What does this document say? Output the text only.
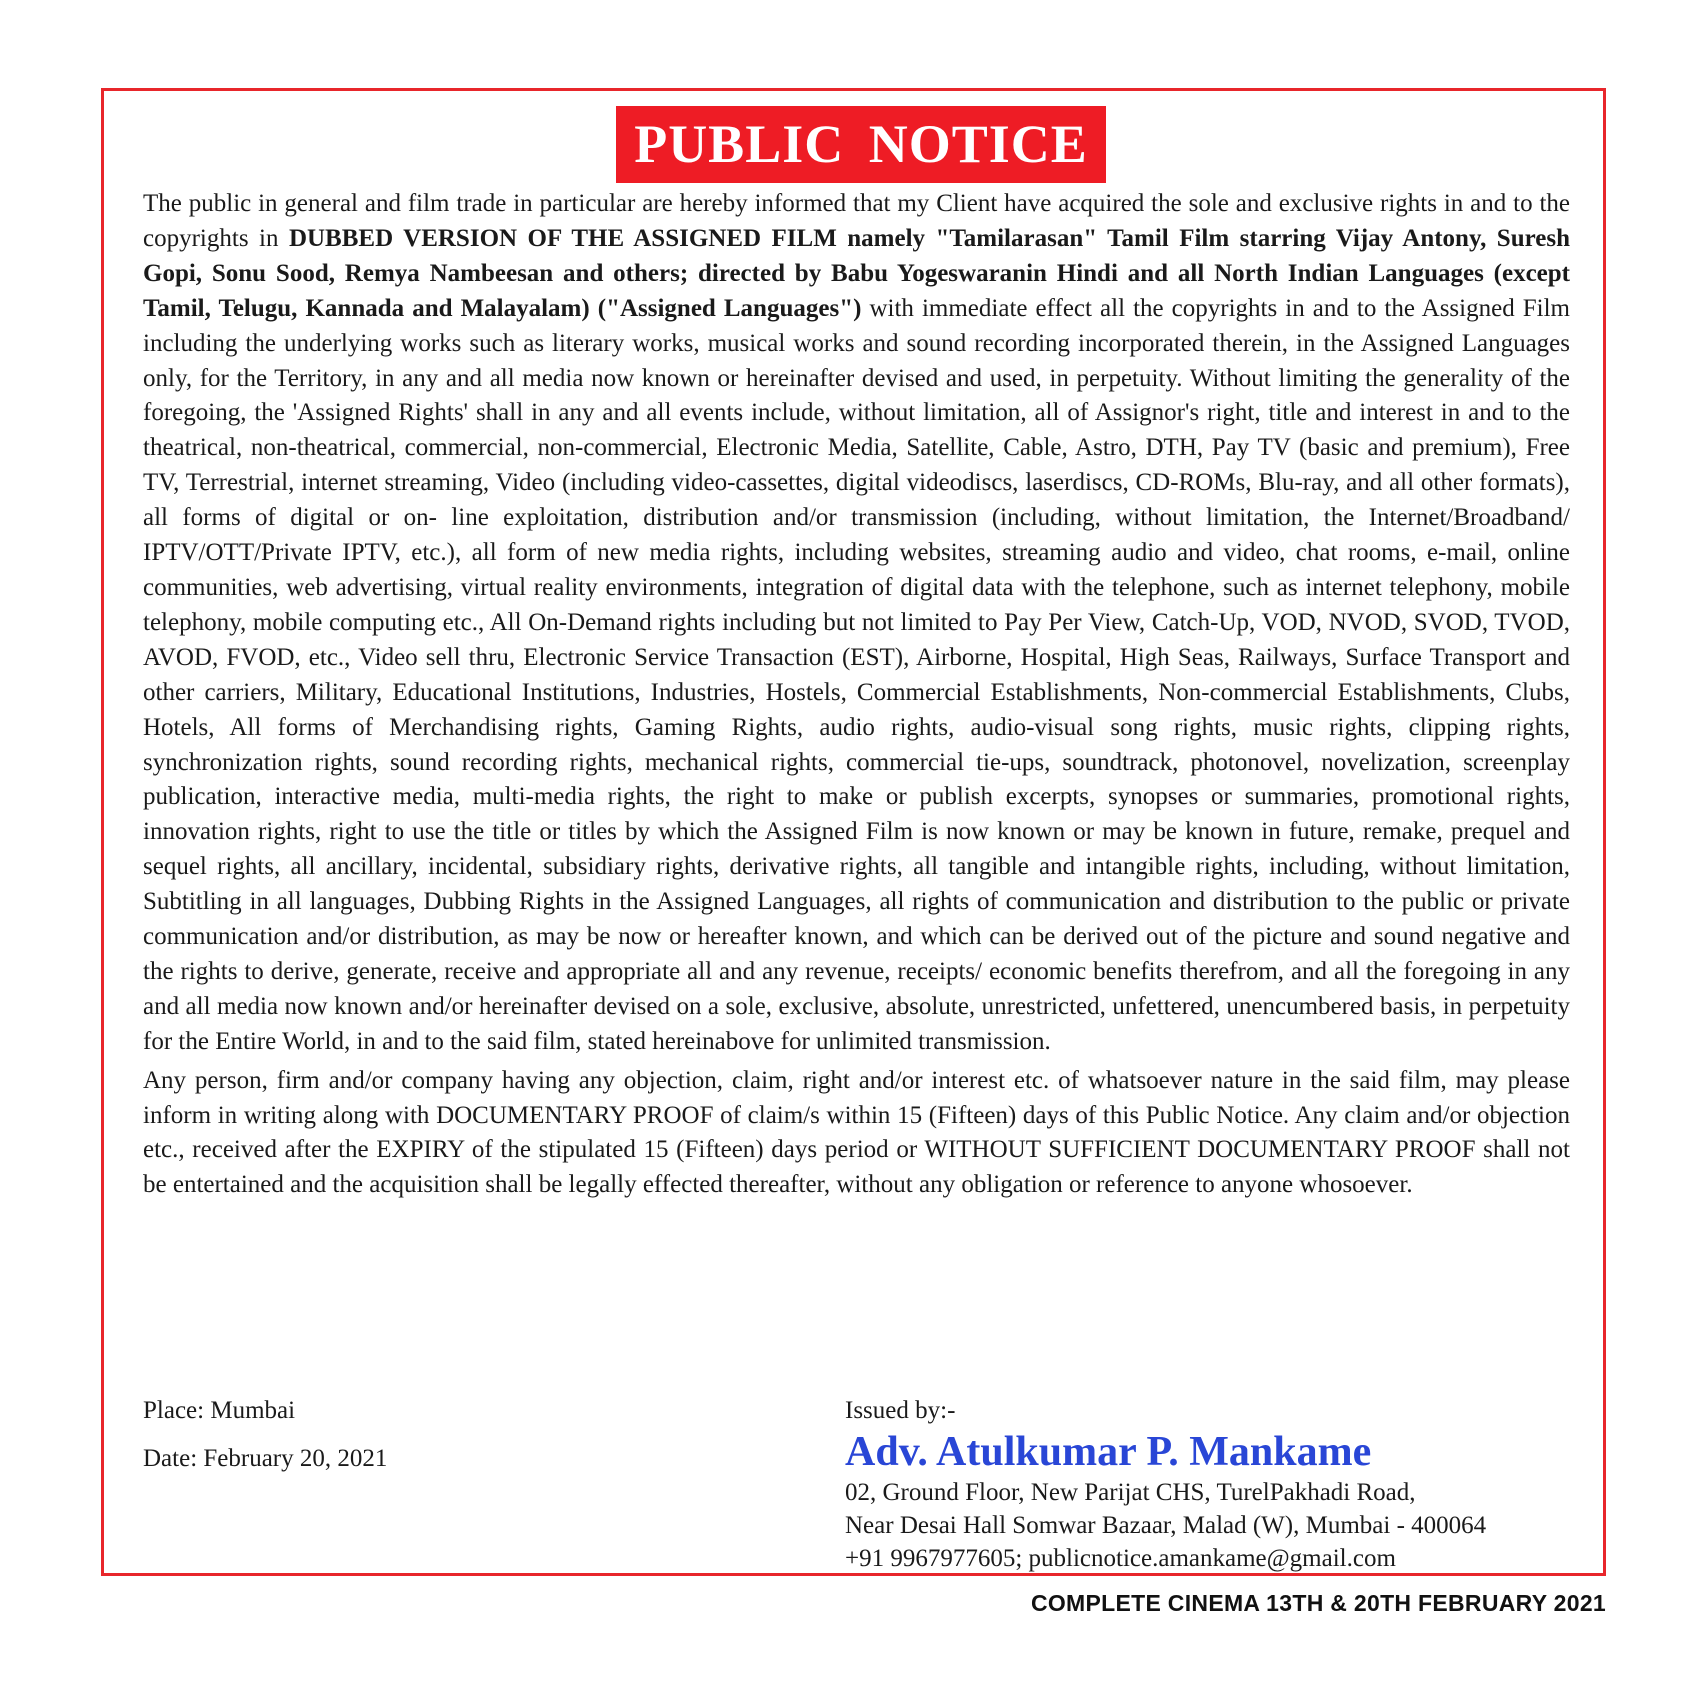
PUBLIC NOTICE

The public in general and film trade in particular are hereby informed that my Client have acquired the sole and exclusive rights in and to the copyrights in DUBBED VERSION OF THE ASSIGNED FILM namely "Tamilarasan" Tamil Film starring Vijay Antony, Suresh Gopi, Sonu Sood, Remya Nambeesan and others; directed by Babu Yogeswaranin Hindi and all North Indian Languages (except Tamil, Telugu, Kannada and Malayalam) ("Assigned Languages") with immediate effect all the copyrights in and to the Assigned Film including the underlying works such as literary works, musical works and sound recording incorporated therein, in the Assigned Languages only, for the Territory, in any and all media now known or hereinafter devised and used, in perpetuity. Without limiting the generality of the foregoing, the 'Assigned Rights' shall in any and all events include, without limitation, all of Assignor's right, title and interest in and to the theatrical, non-theatrical, commercial, non-commercial, Electronic Media, Satellite, Cable, Astro, DTH, Pay TV (basic and premium), Free TV, Terrestrial, internet streaming, Video (including video-cassettes, digital videodiscs, laserdiscs, CD-ROMs, Blu-ray, and all other formats), all forms of digital or on- line exploitation, distribution and/or transmission (including, without limitation, the Internet/Broadband/ IPTV/OTT/Private IPTV, etc.), all form of new media rights, including websites, streaming audio and video, chat rooms, e-mail, online communities, web advertising, virtual reality environments, integration of digital data with the telephone, such as internet telephony, mobile telephony, mobile computing etc., All On-Demand rights including but not limited to Pay Per View, Catch-Up, VOD, NVOD, SVOD, TVOD, AVOD, FVOD, etc., Video sell thru, Electronic Service Transaction (EST), Airborne, Hospital, High Seas, Railways, Surface Transport and other carriers, Military, Educational Institutions, Industries, Hostels, Commercial Establishments, Non-commercial Establishments, Clubs, Hotels, All forms of Merchandising rights, Gaming Rights, audio rights, audio-visual song rights, music rights, clipping rights, synchronization rights, sound recording rights, mechanical rights, commercial tie-ups, soundtrack, photonovel, novelization, screenplay publication, interactive media, multi-media rights, the right to make or publish excerpts, synopses or summaries, promotional rights, innovation rights, right to use the title or titles by which the Assigned Film is now known or may be known in future, remake, prequel and sequel rights, all ancillary, incidental, subsidiary rights, derivative rights, all tangible and intangible rights, including, without limitation, Subtitling in all languages, Dubbing Rights in the Assigned Languages, all rights of communication and distribution to the public or private communication and/or distribution, as may be now or hereafter known, and which can be derived out of the picture and sound negative and the rights to derive, generate, receive and appropriate all and any revenue, receipts/ economic benefits therefrom, and all the foregoing in any and all media now known and/or hereinafter devised on a sole, exclusive, absolute, unrestricted, unfettered, unencumbered basis, in perpetuity for the Entire World, in and to the said film, stated hereinabove for unlimited transmission.

Any person, firm and/or company having any objection, claim, right and/or interest etc. of whatsoever nature in the said film, may please inform in writing along with DOCUMENTARY PROOF of claim/s within 15 (Fifteen) days of this Public Notice. Any claim and/or objection etc., received after the EXPIRY of the stipulated 15 (Fifteen) days period or WITHOUT SUFFICIENT DOCUMENTARY PROOF shall not be entertained and the acquisition shall be legally effected thereafter, without any obligation or reference to anyone whosoever.

Place: Mumbai
Date: February 20, 2021
Issued by:-
Adv. Atulkumar P. Mankame
02, Ground Floor, New Parijat CHS, TurelPakhadi Road,
Near Desai Hall Somwar Bazaar, Malad (W), Mumbai - 400064
+91 9967977605; publicnotice.amankame@gmail.com
COMPLETE CINEMA 13TH & 20TH FEBRUARY 2021
